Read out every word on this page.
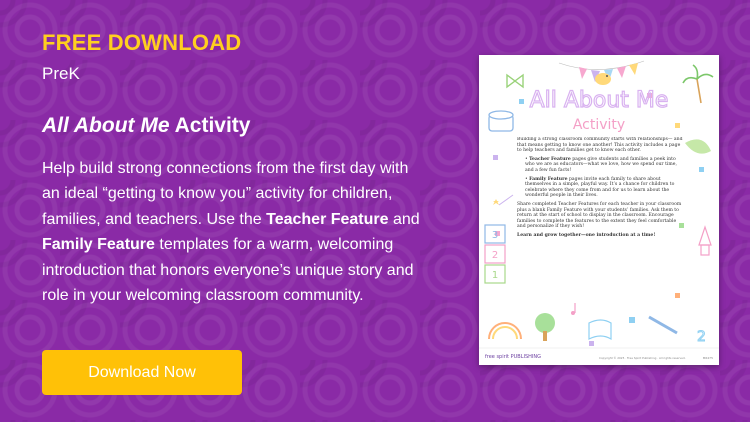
FREE DOWNLOAD

PreK

All About Me Activity

Help build strong connections from the first day with an ideal “getting to know you” activity for children, families, and teachers. Use the Teacher Feature and Family Feature templates for a warm, welcoming introduction that honors everyone’s unique story and role in your welcoming classroom community.

Download Now
All About Me
Activity

Building a strong classroom community starts with relationships— and that means getting to know one another! This activity includes a page to help teachers and families get to know each other.

• Teacher Feature pages give students and families a peek into who we are as educators—what we love, how we spend our time, and a few fun facts!

• Family Feature pages invite each family to share about themselves in a simple, playful way. It’s a chance for children to celebrate where they come from and for us to learn about the wonderful people in their lives.

Share completed Teacher Features for each teacher in your classroom plus a blank Family Feature with your students’ families. Ask them to return at the start of school to display in the classroom. Encourage families to complete the features to the extent they feel comfortable and personalize if they wish!

Learn and grow together—one introduction at a time!

3
2
1
2
free spirit PUBLISHING	Copyright © 2025 · Free Spirit Publishing · All rights reserved.	M6475
